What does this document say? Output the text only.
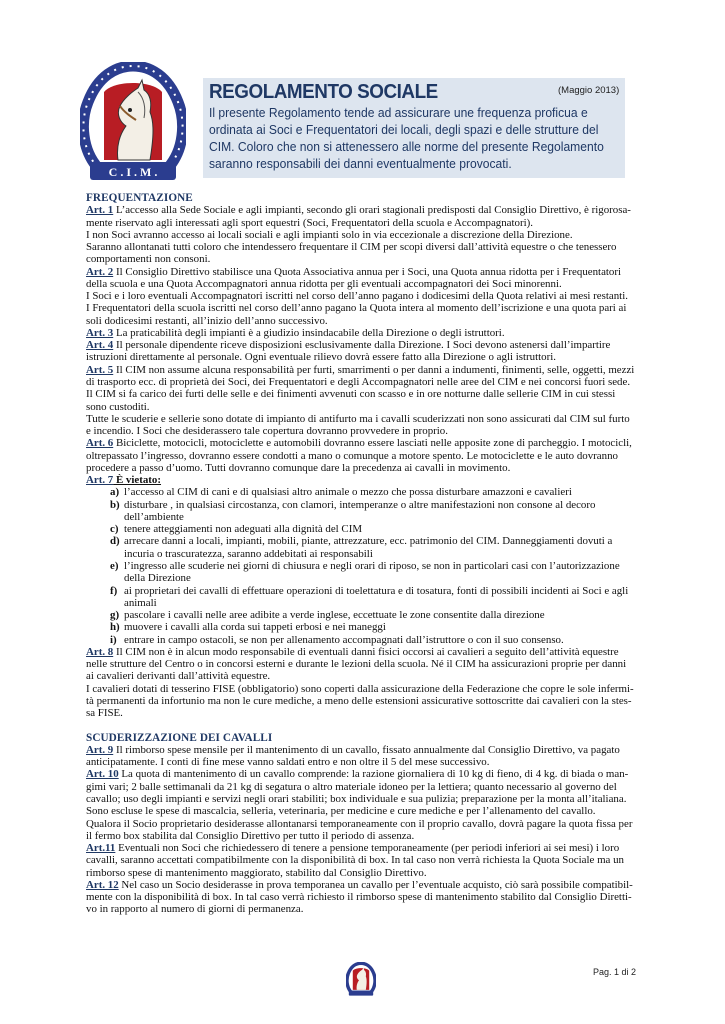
C . I . M .
REGOLAMENTO SOCIALE	(Maggio 2013)
Il presente Regolamento tende ad assicurare une frequenza proficua e
ordinata ai Soci e Frequentatori dei locali, degli spazi e delle strutture del
CIM. Coloro che non si attenessero alle norme del presente Regolamento
saranno responsabili dei danni eventualmente provocati.
FREQUENTAZIONE
Art. 1 L’accesso alla Sede Sociale e agli impianti, secondo gli orari stagionali predisposti dal Consiglio Direttivo, è rigorosa-
mente riservato agli interessati agli sport equestri (Soci, Frequentatori della scuola e Accompagnatori).
I non Soci avranno accesso ai locali sociali e agli impianti solo in via eccezionale a discrezione della Direzione.
Saranno allontanati tutti coloro che intendessero frequentare il CIM per scopi diversi dall’attività equestre o che tenessero
comportamenti non consoni.
Art. 2 Il Consiglio Direttivo stabilisce una Quota Associativa annua per i Soci, una Quota annua ridotta per i Frequentatori
della scuola e una Quota Accompagnatori annua ridotta per gli eventuali accompagnatori dei Soci minorenni.
I Soci e i loro eventuali Accompagnatori iscritti nel corso dell’anno pagano i dodicesimi della Quota relativi ai mesi restanti.
I Frequentatori della scuola iscritti nel corso dell’anno pagano la Quota intera al momento dell’iscrizione e una quota pari ai
soli dodicesimi restanti, all’inizio dell’anno successivo.
Art. 3 La praticabilità degli impianti è a giudizio insindacabile della Direzione o degli istruttori.
Art. 4 Il personale dipendente riceve disposizioni esclusivamente dalla Direzione. I Soci devono astenersi dall’impartire
istruzioni direttamente al personale. Ogni eventuale rilievo dovrà essere fatto alla Direzione o agli istruttori.
Art. 5 Il CIM non assume alcuna responsabilità per furti, smarrimenti o per danni a indumenti, finimenti, selle, oggetti, mezzi
di trasporto ecc. di proprietà dei Soci, dei Frequentatori e degli Accompagnatori nelle aree del CIM e nei concorsi fuori sede.
Il CIM si fa carico dei furti delle selle e dei finimenti avvenuti con scasso e in ore notturne dalle sellerie CIM in cui stessi
sono custoditi.
Tutte le scuderie e sellerie sono dotate di impianto di antifurto ma i cavalli scuderizzati non sono assicurati dal CIM sul furto
e incendio. I Soci che desiderassero tale copertura dovranno provvedere in proprio.
Art. 6 Biciclette, motocicli, motociclette e automobili dovranno essere lasciati nelle apposite zone di parcheggio. I motocicli,
oltrepassato l’ingresso, dovranno essere condotti a mano o comunque a motore spento. Le motociclette e le auto dovranno
procedere a passo d’uomo. Tutti dovranno comunque dare la precedenza ai cavalli in movimento.
Art. 7 È vietato:
a) l’accesso al CIM di cani e di qualsiasi altro animale o mezzo che possa disturbare amazzoni e cavalieri
b) disturbare , in qualsiasi circostanza, con clamori, intemperanze o altre manifestazioni non consone al decoro
dell’ambiente
c) tenere atteggiamenti non adeguati alla dignità del CIM
d) arrecare danni a locali, impianti, mobili, piante, attrezzature, ecc. patrimonio del CIM. Danneggiamenti dovuti a
incuria o trascuratezza, saranno addebitati ai responsabili
e) l’ingresso alle scuderie nei giorni di chiusura e negli orari di riposo, se non in particolari casi con l’autorizzazione
della Direzione
f) ai proprietari dei cavalli di effettuare operazioni di toelettatura e di tosatura, fonti di possibili incidenti ai Soci e agli
animali
g) pascolare i cavalli nelle aree adibite a verde inglese, eccettuate le zone consentite dalla direzione
h) muovere i cavalli alla corda sui tappeti erbosi e nei maneggi
i) entrare in campo ostacoli, se non per allenamento accompagnati dall’istruttore o con il suo consenso.
Art. 8 Il CIM non è in alcun modo responsabile di eventuali danni fisici occorsi ai cavalieri a seguito dell’attività equestre
nelle strutture del Centro o in concorsi esterni e durante le lezioni della scuola. Né il CIM ha assicurazioni proprie per danni
ai cavalieri derivanti dall’attività equestre.
I cavalieri dotati di tesserino FISE (obbligatorio) sono coperti dalla assicurazione della Federazione che copre le sole infermi-
tà permanenti da infortunio ma non le cure mediche, a meno delle estensioni assicurative sottoscritte dai cavalieri con la stes-
sa FISE.
SCUDERIZZAZIONE DEI CAVALLI
Art. 9 Il rimborso spese mensile per il mantenimento di un cavallo, fissato annualmente dal Consiglio Direttivo, va pagato
anticipatamente. I conti di fine mese vanno saldati entro e non oltre il 5 del mese successivo.
Art. 10 La quota di mantenimento di un cavallo comprende: la razione giornaliera di 10 kg di fieno, di 4 kg. di biada o man-
gimi vari; 2 balle settimanali da 21 kg di segatura o altro materiale idoneo per la lettiera; quanto necessario al governo del
cavallo; uso degli impianti e servizi negli orari stabiliti; box individuale e sua pulizia; preparazione per la monta all’italiana.
Sono escluse le spese di mascalcia, selleria, veterinaria, per medicine e cure mediche e per l’allenamento del cavallo.
Qualora il Socio proprietario desiderasse allontanarsi temporaneamente con il proprio cavallo, dovrà pagare la quota fissa per
il fermo box stabilita dal Consiglio Direttivo per tutto il periodo di assenza.
Art.11 Eventuali non Soci che richiedessero di tenere a pensione temporaneamente (per periodi inferiori ai sei mesi) i loro
cavalli, saranno accettati compatibilmente con la disponibilità di box. In tal caso non verrà richiesta la Quota Sociale ma un
rimborso spese di mantenimento maggiorato, stabilito dal Consiglio Direttivo.
Art. 12 Nel caso un Socio desiderasse in prova temporanea un cavallo per l’eventuale acquisto, ciò sarà possibile compatibil-
mente con la disponibilità di box. In tal caso verrà richiesto il rimborso spese di mantenimento stabilito dal Consiglio Diretti-
vo in rapporto al numero di giorni di permanenza.
Pag. 1 di 2
